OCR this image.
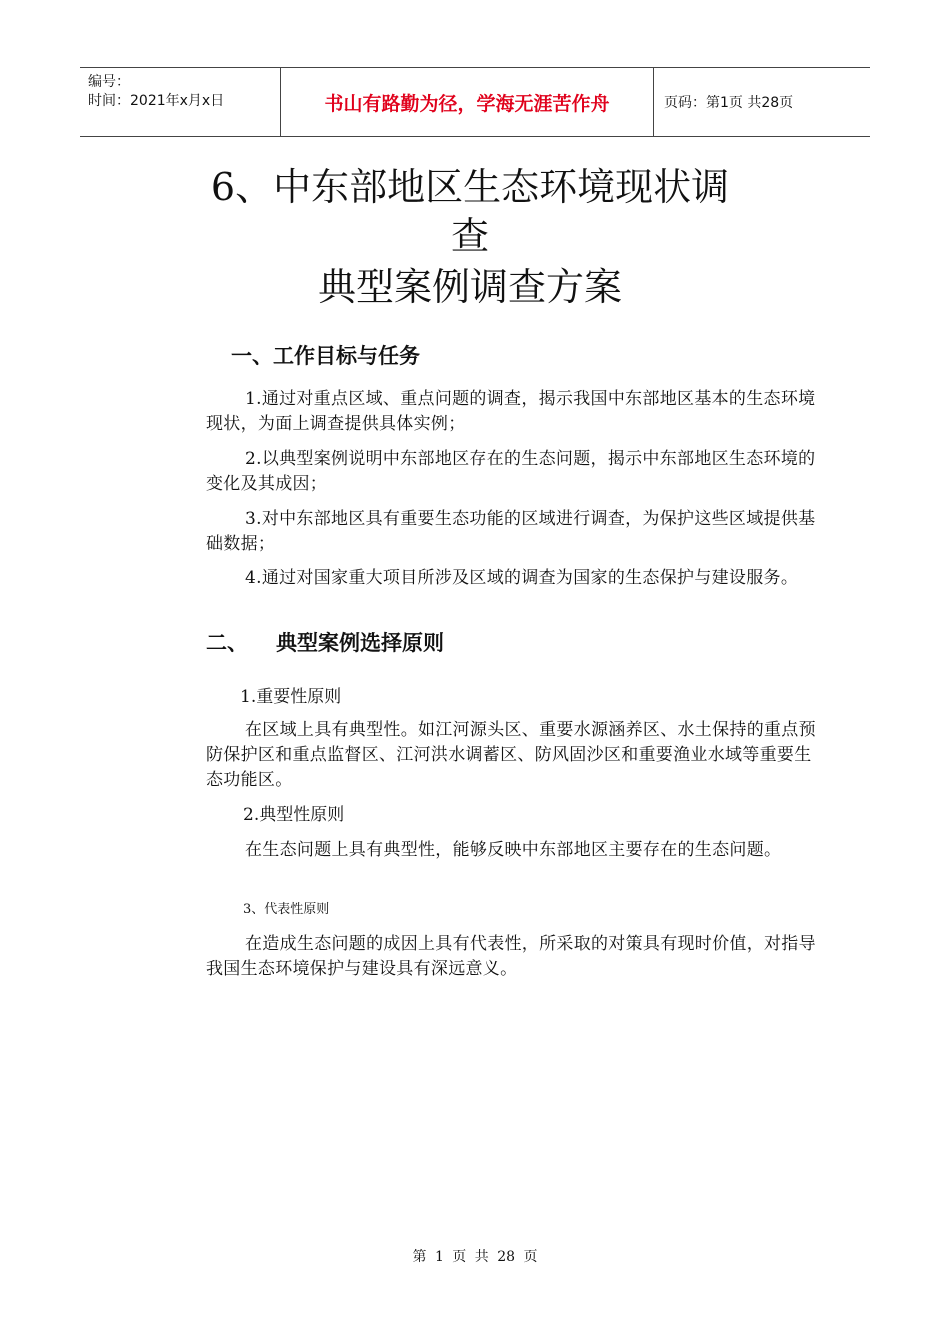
编号：
时间：2021年x月x日	书山有路勤为径，学海无涯苦作舟	页码：第1页 共28页
6、中东部地区生态环境现状调
查
典型案例调查方案
一、工作目标与任务
1.通过对重点区域、重点问题的调查，揭示我国中东部地区基本的生态环境现状，为面上调查提供具体实例；
2.以典型案例说明中东部地区存在的生态问题，揭示中东部地区生态环境的变化及其成因；
3.对中东部地区具有重要生态功能的区域进行调查，为保护这些区域提供基础数据；
4.通过对国家重大项目所涉及区域的调查为国家的生态保护与建设服务。
二、 典型案例选择原则
1.重要性原则
在区域上具有典型性。如江河源头区、重要水源涵养区、水土保持的重点预防保护区和重点监督区、江河洪水调蓄区、防风固沙区和重要渔业水域等重要生态功能区。
2.典型性原则
在生态问题上具有典型性，能够反映中东部地区主要存在的生态问题。
3、代表性原则
在造成生态问题的成因上具有代表性，所采取的对策具有现时价值，对指导我国生态环境保护与建设具有深远意义。
第 1 页 共 28 页
